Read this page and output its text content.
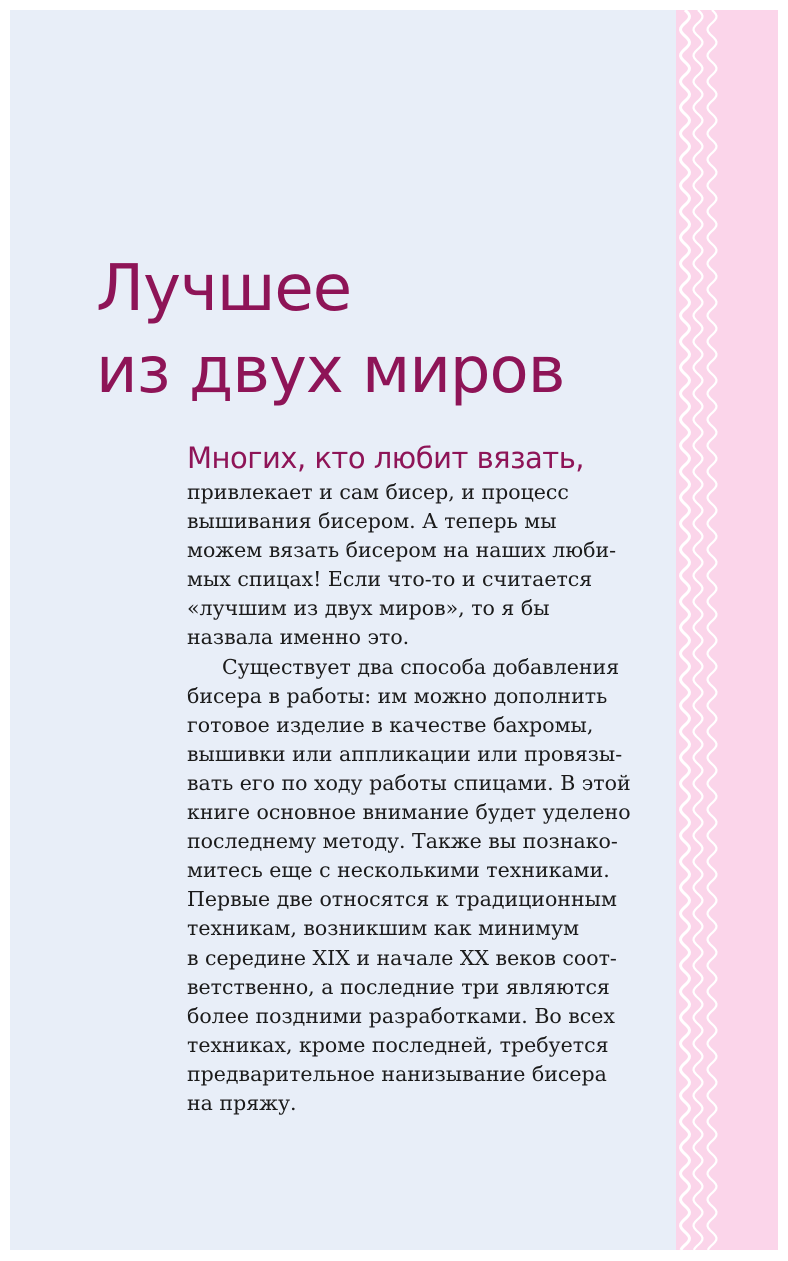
Лучшее
из двух миров

Многих, кто любит вязать,

привлекает и сам бисер, и процесс
вышивания бисером. А теперь мы
можем вязать бисером на наших люби-
мых спицах! Если что-то и считается
«лучшим из двух миров», то я бы
назвала именно это.
Существует два способа добавления
бисера в работы: им можно дополнить
готовое изделие в качестве бахромы,
вышивки или аппликации или провязы-
вать его по ходу работы спицами. В этой
книге основное внимание будет уделено
последнему методу. Также вы познако-
митесь еще с несколькими техниками.
Первые две относятся к традиционным
техникам, возникшим как минимум
в середине XIX и начале XX веков соот-
ветственно, а последние три являются
более поздними разработками. Во всех
техниках, кроме последней, требуется
предварительное нанизывание бисера
на пряжу.
